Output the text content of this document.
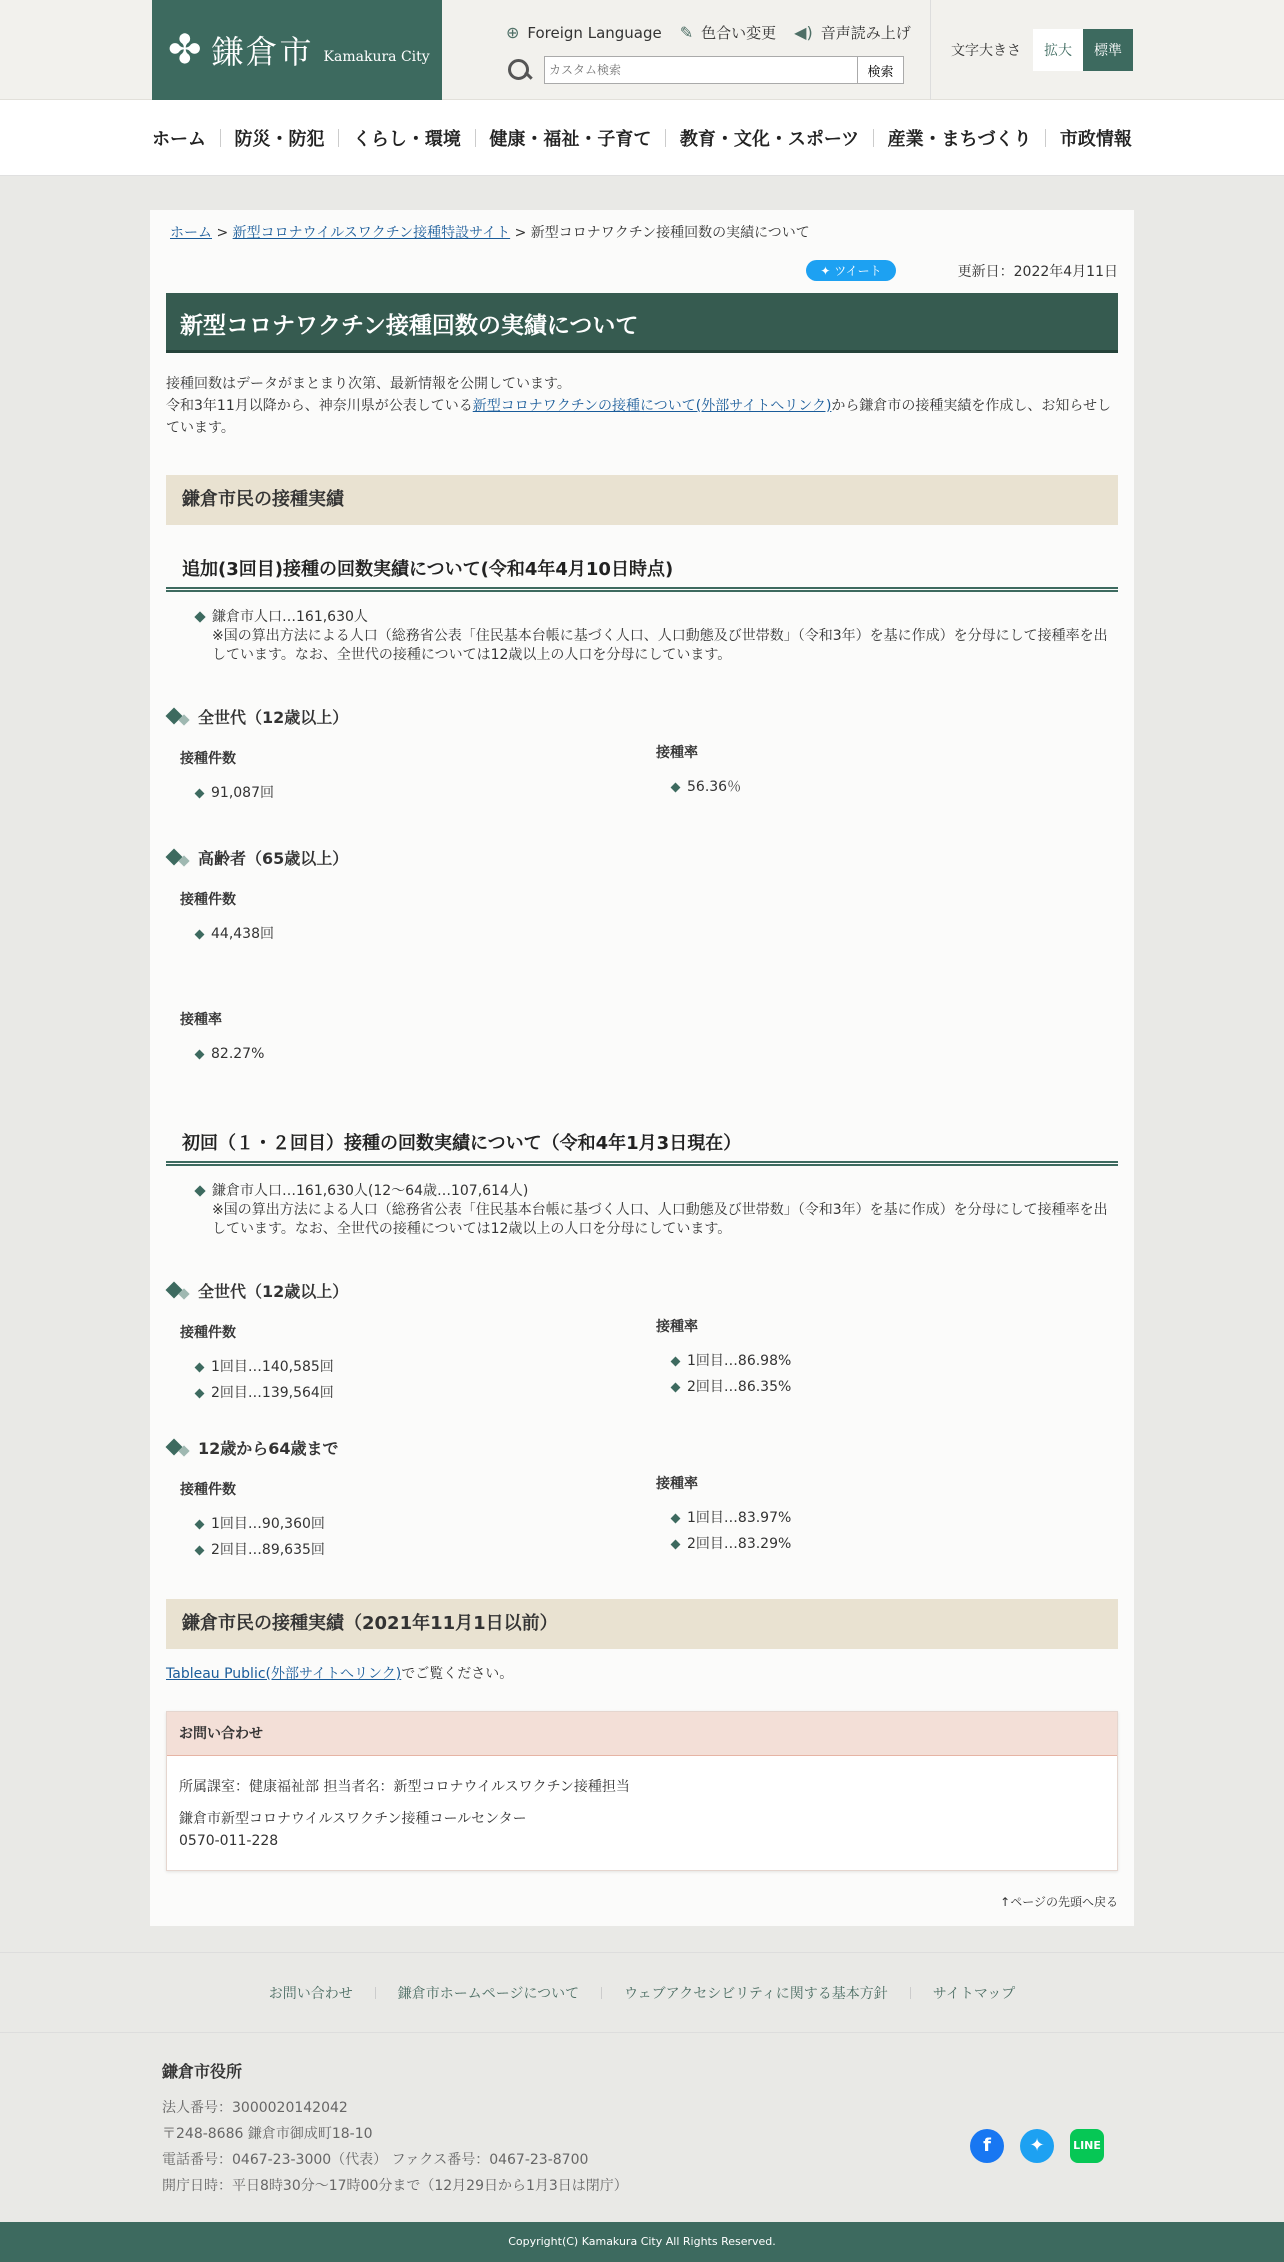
✤ 鎌倉市 Kamakura City
⊕ Foreign Language ✎ 色合い変更 ◀) 音声読み上げ
カスタム検索
検索
文字大きさ	拡大	標準
ホーム 防災・防犯 くらし・環境 健康・福祉・子育て 教育・文化・スポーツ 産業・まちづくり 市政情報
ホーム > 新型コロナウイルスワクチン接種特設サイト > 新型コロナワクチン接種回数の実績について
✦ ツイート	更新日：2022年4月11日
新型コロナワクチン接種回数の実績について
接種回数はデータがまとまり次第、最新情報を公開しています。
令和3年11月以降から、神奈川県が公表している新型コロナワクチンの接種について(外部サイトへリンク)から鎌倉市の接種実績を作成し、お知らせしています。
鎌倉市民の接種実績
追加(3回目)接種の回数実績について(令和4年4月10日時点)
鎌倉市人口…161,630人
※国の算出方法による人口（総務省公表「住民基本台帳に基づく人口、人口動態及び世帯数」（令和3年）を基に作成）を分母にして接種率を出しています。なお、全世代の接種については12歳以上の人口を分母にしています。
全世代（12歳以上）
接種件数
91,087回
接種率
56.36％
高齢者（65歳以上）
接種件数
44,438回
接種率
82.27%
初回（１・２回目）接種の回数実績について（令和4年1月3日現在）
鎌倉市人口…161,630人(12～64歳…107,614人)
※国の算出方法による人口（総務省公表「住民基本台帳に基づく人口、人口動態及び世帯数」（令和3年）を基に作成）を分母にして接種率を出しています。なお、全世代の接種については12歳以上の人口を分母にしています。
全世代（12歳以上）
接種件数
1回目…140,585回
2回目…139,564回
接種率
1回目…86.98%
2回目…86.35%
12歳から64歳まで
接種件数
1回目…90,360回
2回目…89,635回
接種率
1回目…83.97%
2回目…83.29%
鎌倉市民の接種実績（2021年11月1日以前）
Tableau Public(外部サイトへリンク)でご覧ください。
お問い合わせ
所属課室：健康福祉部 担当者名：新型コロナウイルスワクチン接種担当
鎌倉市新型コロナウイルスワクチン接種コールセンター
0570-011-228
↑ページの先頭へ戻る
お問い合わせ	鎌倉市ホームページについて	ウェブアクセシビリティに関する基本方針	サイトマップ
鎌倉市役所
法人番号：3000020142042
〒248-8686 鎌倉市御成町18-10
電話番号：0467-23-3000（代表） ファクス番号：0467-23-8700
開庁日時：平日8時30分～17時00分まで（12月29日から1月3日は閉庁）
f	✦	LINE
Copyright(C) Kamakura City All Rights Reserved.
